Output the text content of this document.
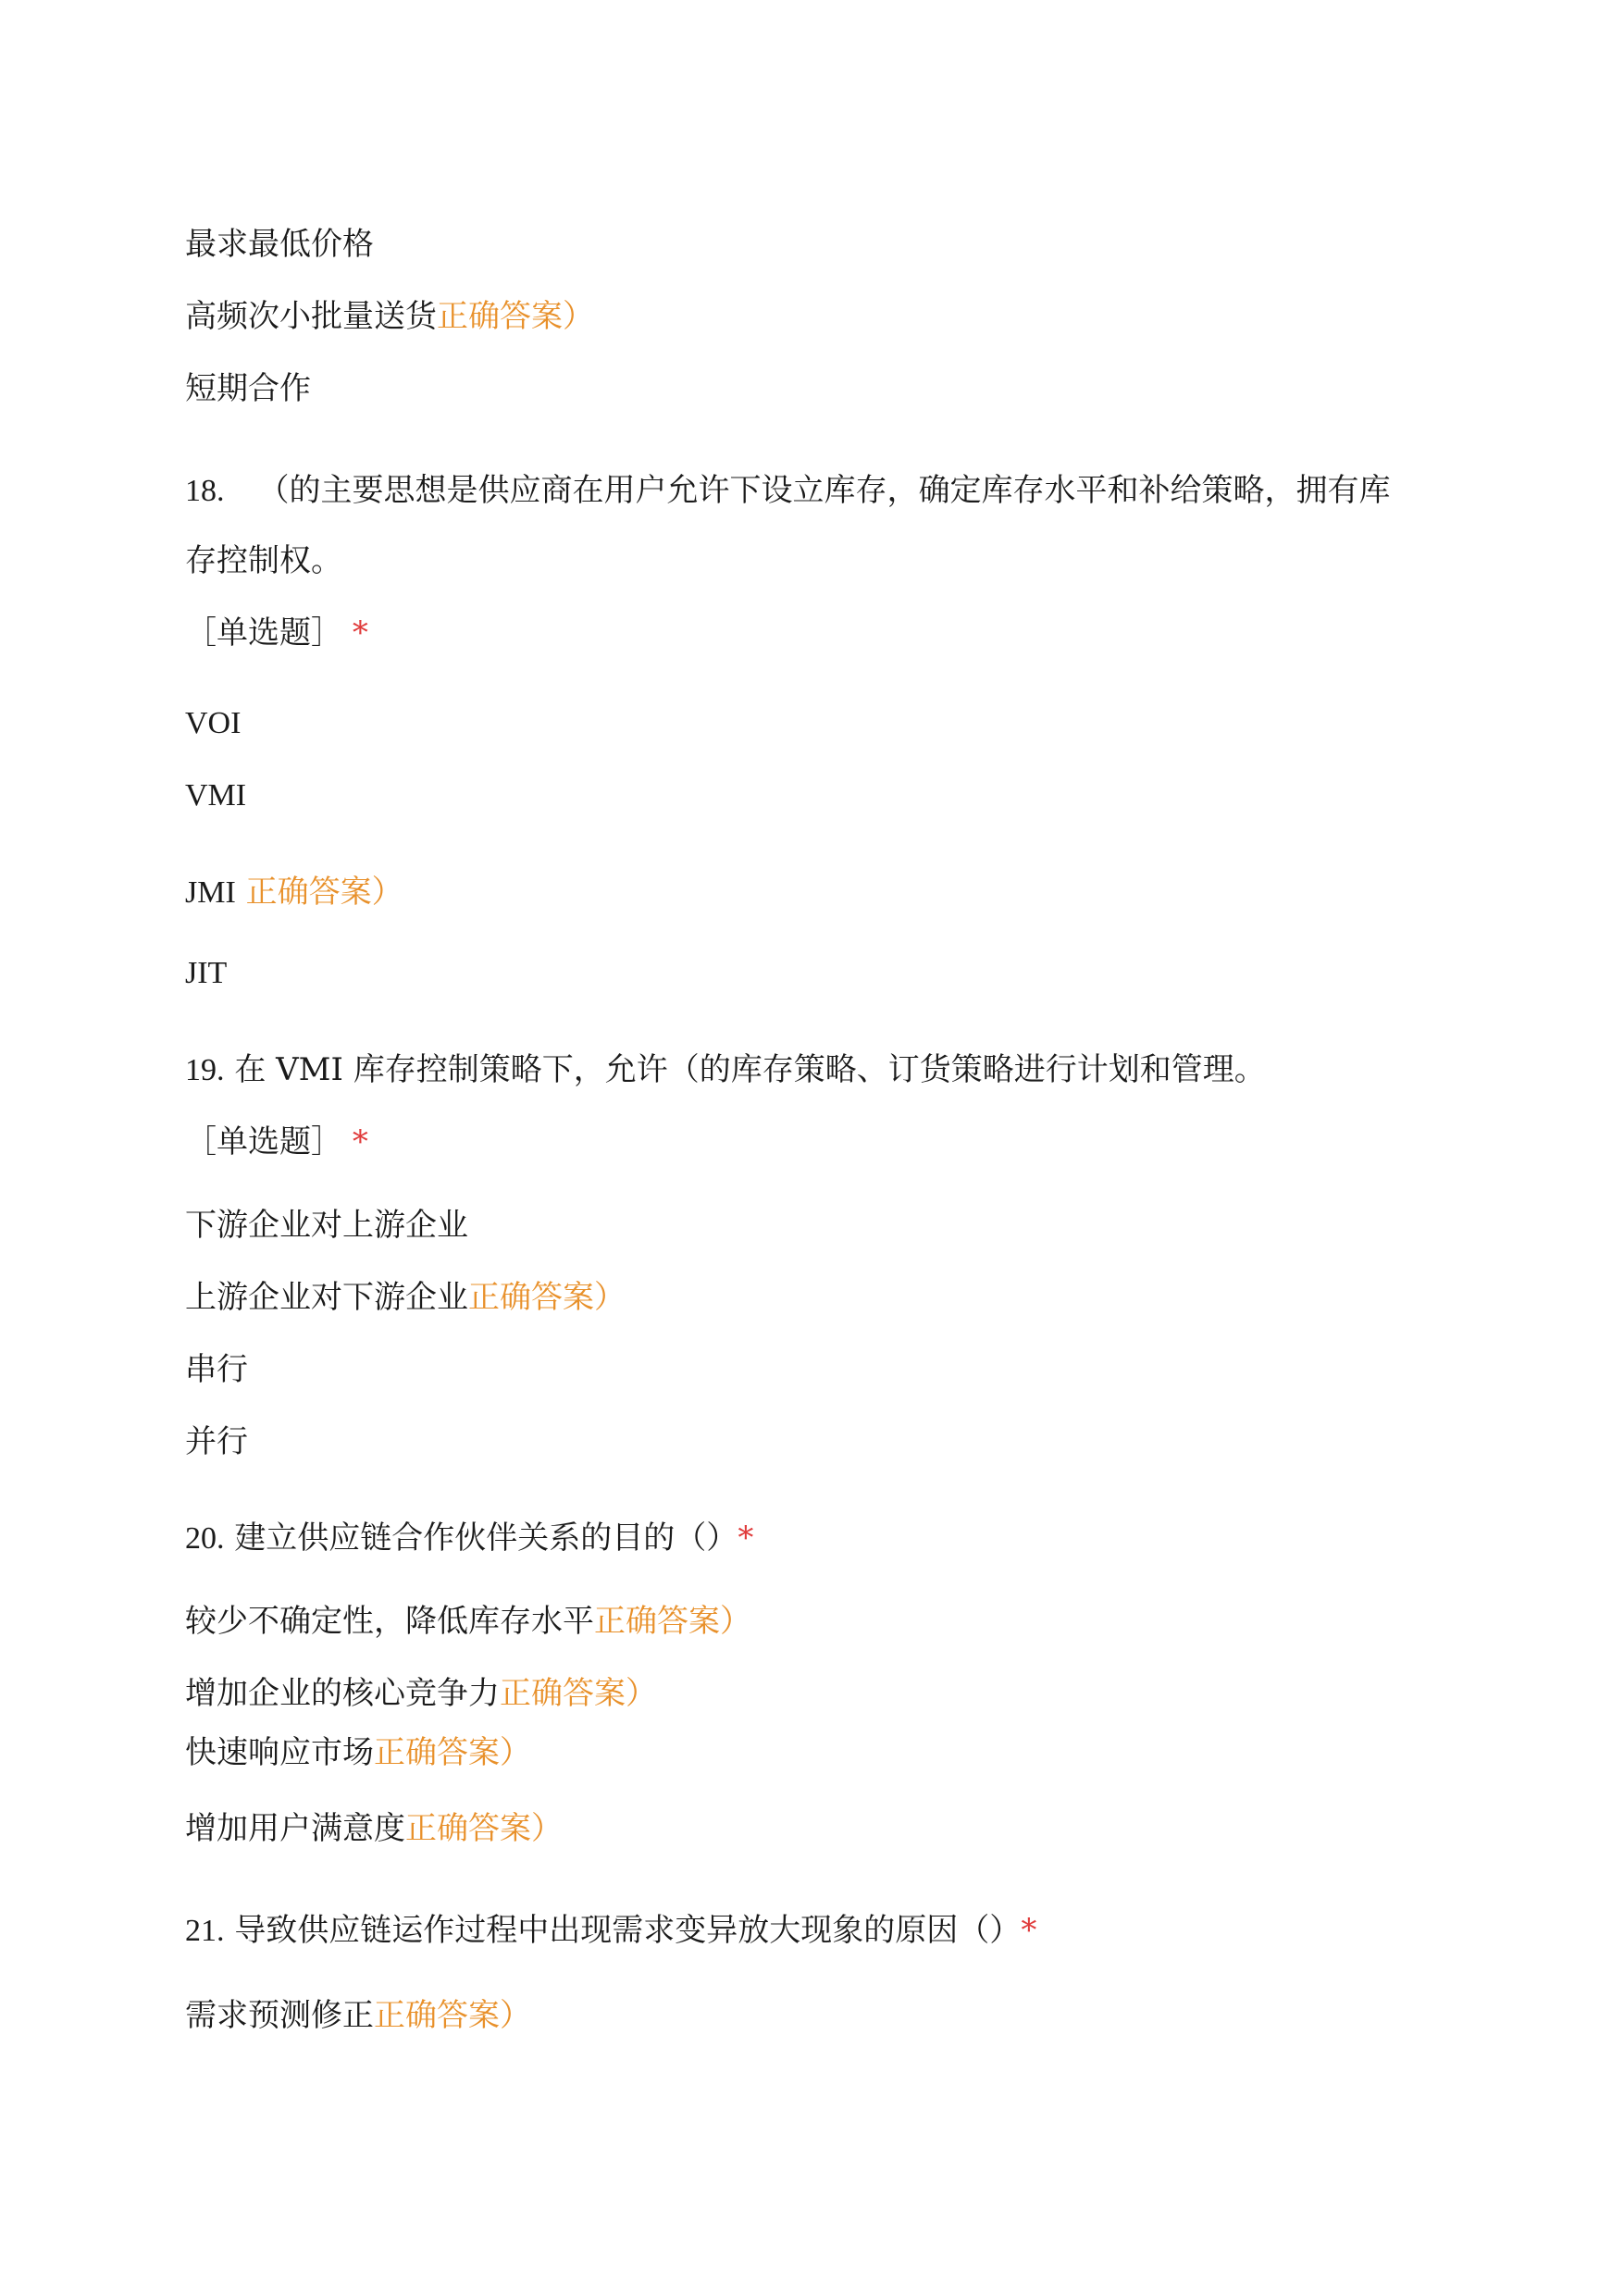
最求最低价格
高频次小批量送货正确答案）
短期合作
18. （的主要思想是供应商在用户允许下设立库存，确定库存水平和补给策略，拥有库
存控制权。
［单选题］ *
VOI
VMI
JMI 正确答案）
JIT
19. 在 VMI 库存控制策略下，允许（的库存策略、订货策略进行计划和管理。
［单选题］ *
下游企业对上游企业
上游企业对下游企业正确答案）
串行
并行
20. 建立供应链合作伙伴关系的目的（）*
较少不确定性，降低库存水平正确答案）
增加企业的核心竞争力正确答案）
快速响应市场正确答案）
增加用户满意度正确答案）
21. 导致供应链运作过程中出现需求变异放大现象的原因（）*
需求预测修正正确答案）
